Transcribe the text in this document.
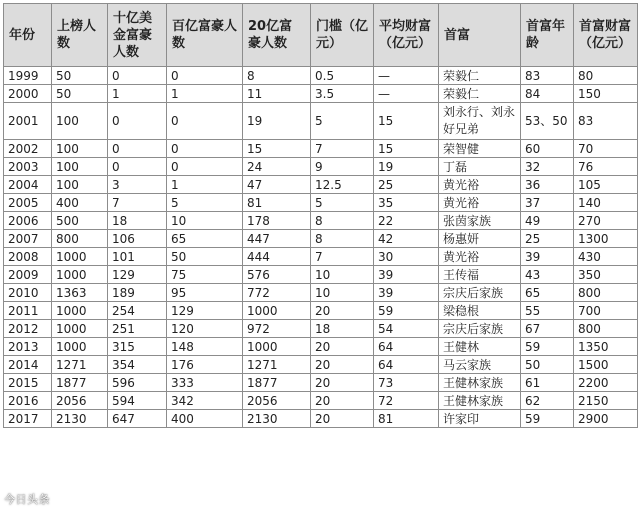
年份	上榜人数	十亿美金富豪人数	百亿富豪人数	20亿富豪人数	门槛（亿元）	平均财富（亿元）	首富	首富年龄	首富财富（亿元）
1999	50	0	0	8	0.5	—	荣毅仁	83	80
2000	50	1	1	11	3.5	—	荣毅仁	84	150
2001	100	0	0	19	5	15	刘永行、刘永好兄弟	53、50	83
2002	100	0	0	15	7	15	荣智健	60	70
2003	100	0	0	24	9	19	丁磊	32	76
2004	100	3	1	47	12.5	25	黄光裕	36	105
2005	400	7	5	81	5	35	黄光裕	37	140
2006	500	18	10	178	8	22	张茵家族	49	270
2007	800	106	65	447	8	42	杨惠妍	25	1300
2008	1000	101	50	444	7	30	黄光裕	39	430
2009	1000	129	75	576	10	39	王传福	43	350
2010	1363	189	95	772	10	39	宗庆后家族	65	800
2011	1000	254	129	1000	20	59	梁稳根	55	700
2012	1000	251	120	972	18	54	宗庆后家族	67	800
2013	1000	315	148	1000	20	64	王健林	59	1350
2014	1271	354	176	1271	20	64	马云家族	50	1500
2015	1877	596	333	1877	20	73	王健林家族	61	2200
2016	2056	594	342	2056	20	72	王健林家族	62	2150
2017	2130	647	400	2130	20	81	许家印	59	2900
今日头条
